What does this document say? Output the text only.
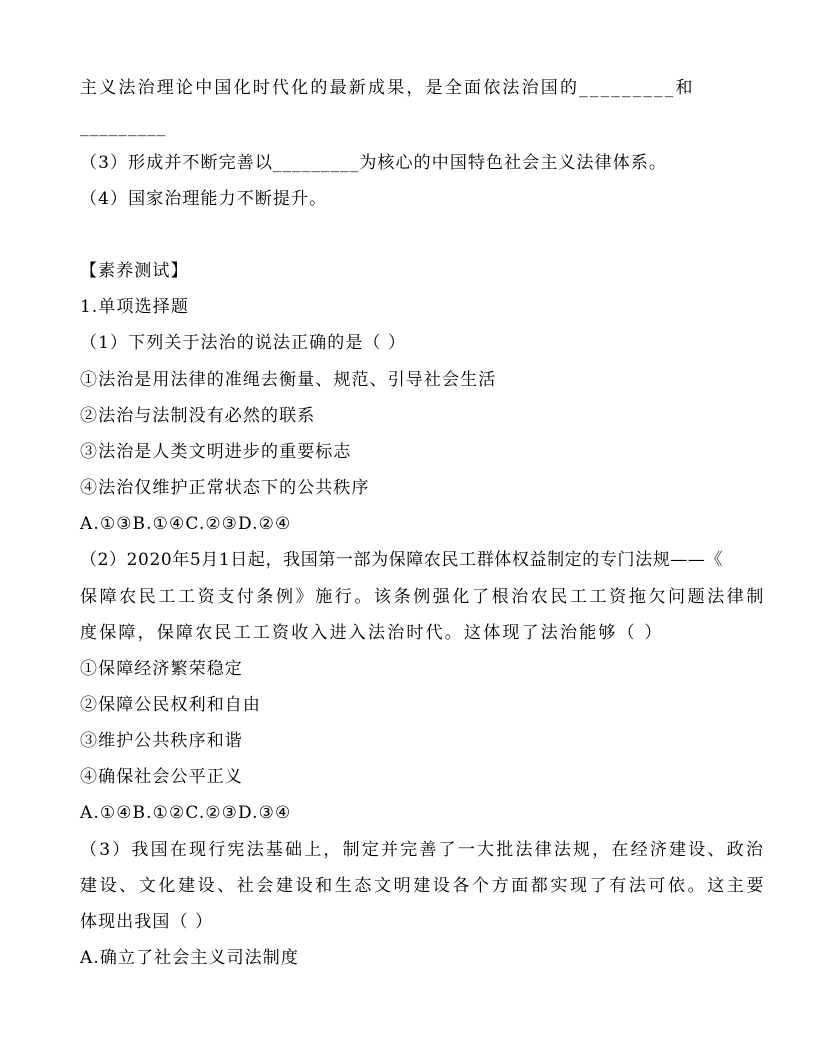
主义法治理论中国化时代化的最新成果，是全面依法治国的_________和
_________
（3）形成并不断完善以_________为核心的中国特色社会主义法律体系。
（4）国家治理能力不断提升。
【素养测试】
1.单项选择题
（1）下列关于法治的说法正确的是（ ）
①法治是用法律的准绳去衡量、规范、引导社会生活
②法治与法制没有必然的联系
③法治是人类文明进步的重要标志
④法治仅维护正常状态下的公共秩序
A.①③B.①④C.②③D.②④
（2）2020年5月1日起，我国第一部为保障农民工群体权益制定的专门法规——《
保障农民工工资支付条例》施行。该条例强化了根治农民工工资拖欠问题法律制
度保障，保障农民工工资收入进入法治时代。这体现了法治能够（ ）
①保障经济繁荣稳定
②保障公民权利和自由
③维护公共秩序和谐
④确保社会公平正义
A.①④B.①②C.②③D.③④
（3）我国在现行宪法基础上，制定并完善了一大批法律法规，在经济建设、政治
建设、文化建设、社会建设和生态文明建设各个方面都实现了有法可依。这主要
体现出我国（ ）
A.确立了社会主义司法制度
